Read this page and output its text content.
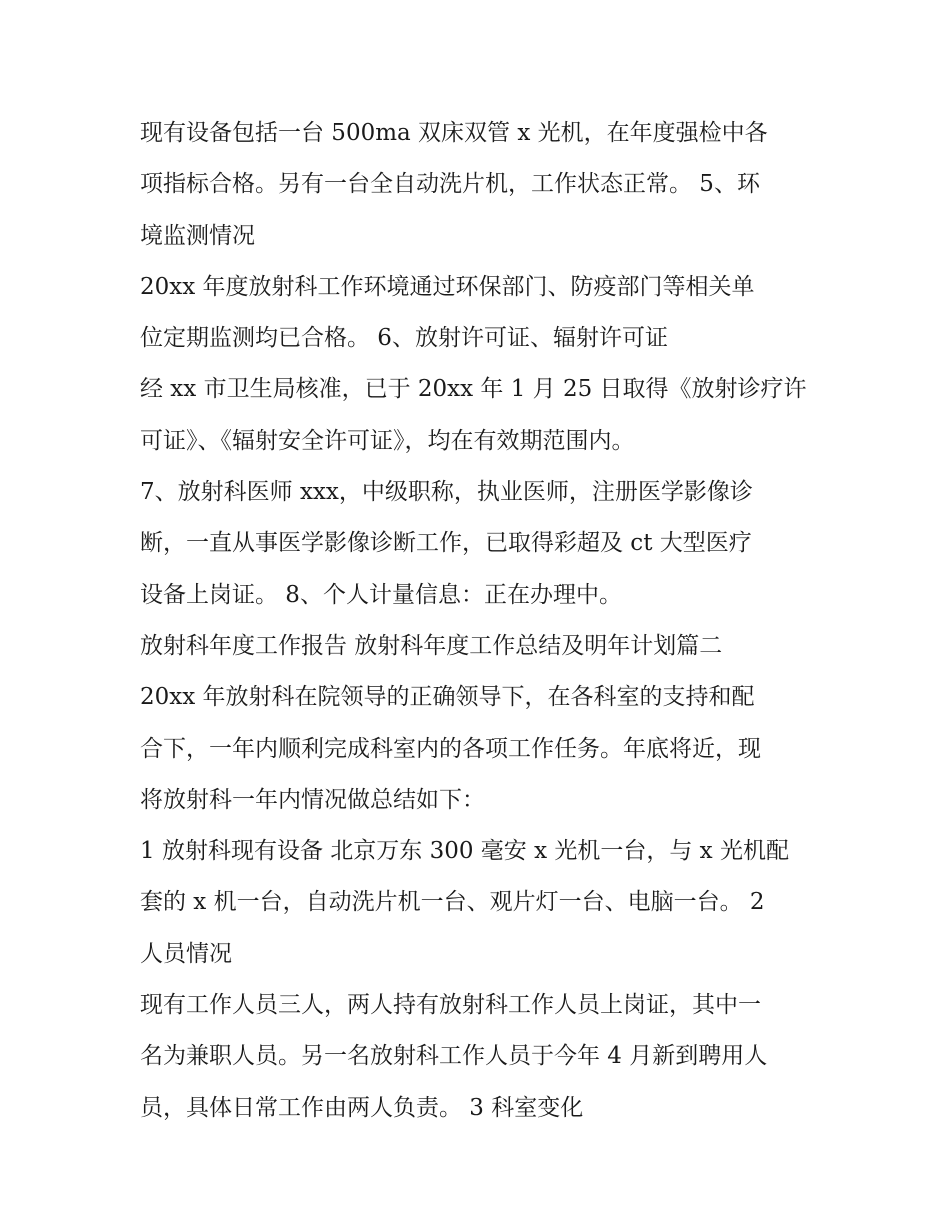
现有设备包括一台 500ma 双床双管 x 光机，在年度强检中各
项指标合格。另有一台全自动洗片机，工作状态正常。 5、环
境监测情况
20xx 年度放射科工作环境通过环保部门、防疫部门等相关单
位定期监测均已合格。 6、放射许可证、辐射许可证
经 xx 市卫生局核准，已于 20xx 年 1 月 25 日取得《放射诊疗许
可证》、《辐射安全许可证》，均在有效期范围内。
7、放射科医师 xxx，中级职称，执业医师，注册医学影像诊
断，一直从事医学影像诊断工作，已取得彩超及 ct 大型医疗
设备上岗证。 8、个人计量信息：正在办理中。
放射科年度工作报告 放射科年度工作总结及明年计划篇二
20xx 年放射科在院领导的正确领导下，在各科室的支持和配
合下，一年内顺利完成科室内的各项工作任务。年底将近，现
将放射科一年内情况做总结如下：
1 放射科现有设备 北京万东 300 毫安 x 光机一台，与 x 光机配
套的 x 机一台，自动洗片机一台、观片灯一台、电脑一台。 2
人员情况
现有工作人员三人，两人持有放射科工作人员上岗证，其中一
名为兼职人员。另一名放射科工作人员于今年 4 月新到聘用人
员，具体日常工作由两人负责。 3 科室变化
